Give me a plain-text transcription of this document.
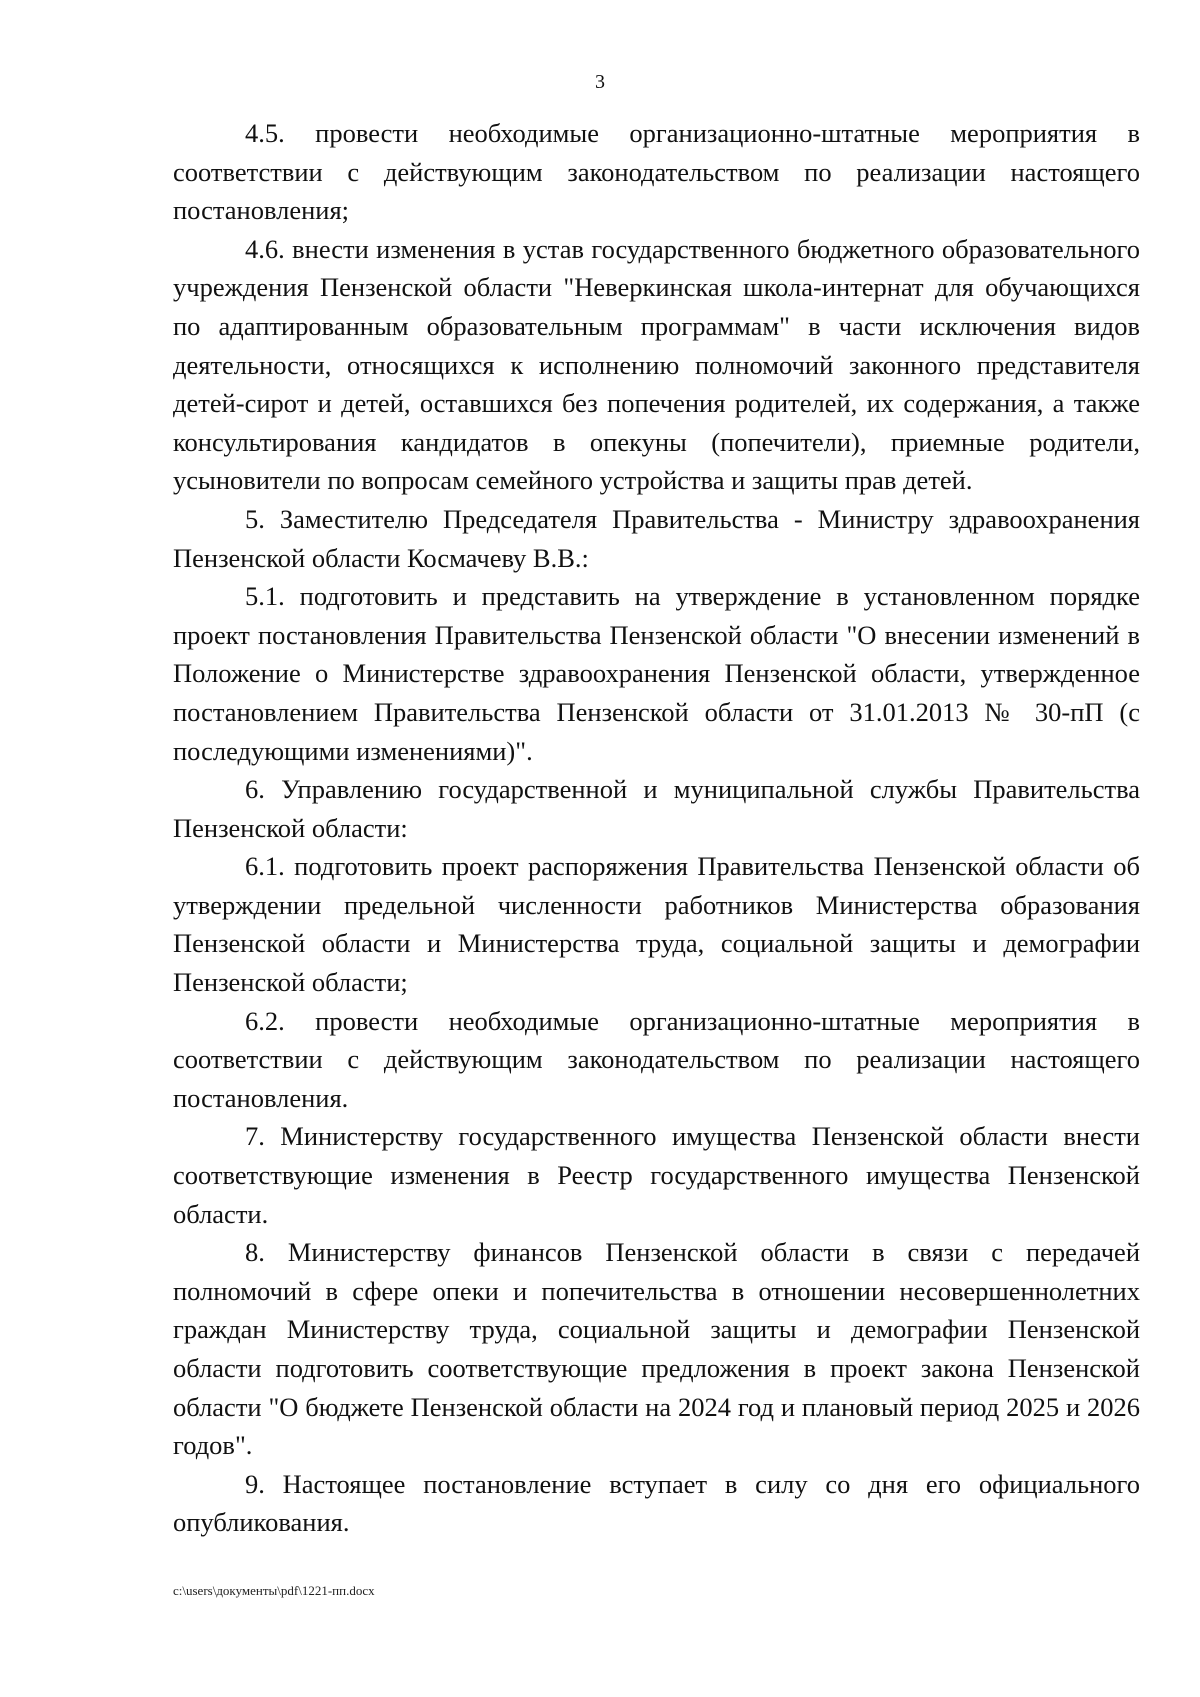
3

4.5. провести необходимые организационно-штатные мероприятия в соответствии с действующим законодательством по реализации настоящего постановления;

4.6. внести изменения в устав государственного бюджетного образовательного учреждения Пензенской области "Неверкинская школа-интернат для обучающихся по адаптированным образовательным программам" в части исключения видов деятельности, относящихся к исполнению полномочий законного представителя детей-сирот и детей, оставшихся без попечения родителей, их содержания, а также консультирования кандидатов в опекуны (попечители), приемные родители, усыновители по вопросам семейного устройства и защиты прав детей.

5. Заместителю Председателя Правительства - Министру здравоохранения Пензенской области Космачеву В.В.:

5.1. подготовить и представить на утверждение в установленном порядке проект постановления Правительства Пензенской области "О внесении изменений в Положение о Министерстве здравоохранения Пензенской области, утвержденное постановлением Правительства Пензенской области от 31.01.2013 № 30-пП (с последующими изменениями)".

6. Управлению государственной и муниципальной службы Правительства Пензенской области:

6.1. подготовить проект распоряжения Правительства Пензенской области об утверждении предельной численности работников Министерства образования Пензенской области и Министерства труда, социальной защиты и демографии Пензенской области;

6.2. провести необходимые организационно-штатные мероприятия в соответствии с действующим законодательством по реализации настоящего постановления.

7. Министерству государственного имущества Пензенской области внести соответствующие изменения в Реестр государственного имущества Пензенской области.

8. Министерству финансов Пензенской области в связи с передачей полномочий в сфере опеки и попечительства в отношении несовершеннолетних граждан Министерству труда, социальной защиты и демографии Пензенской области подготовить соответствующие предложения в проект закона Пензенской области "О бюджете Пензенской области на 2024 год и плановый период 2025 и 2026 годов".

9. Настоящее постановление вступает в силу со дня его официального опубликования.

c:\users\документы\pdf\1221-пп.docx
